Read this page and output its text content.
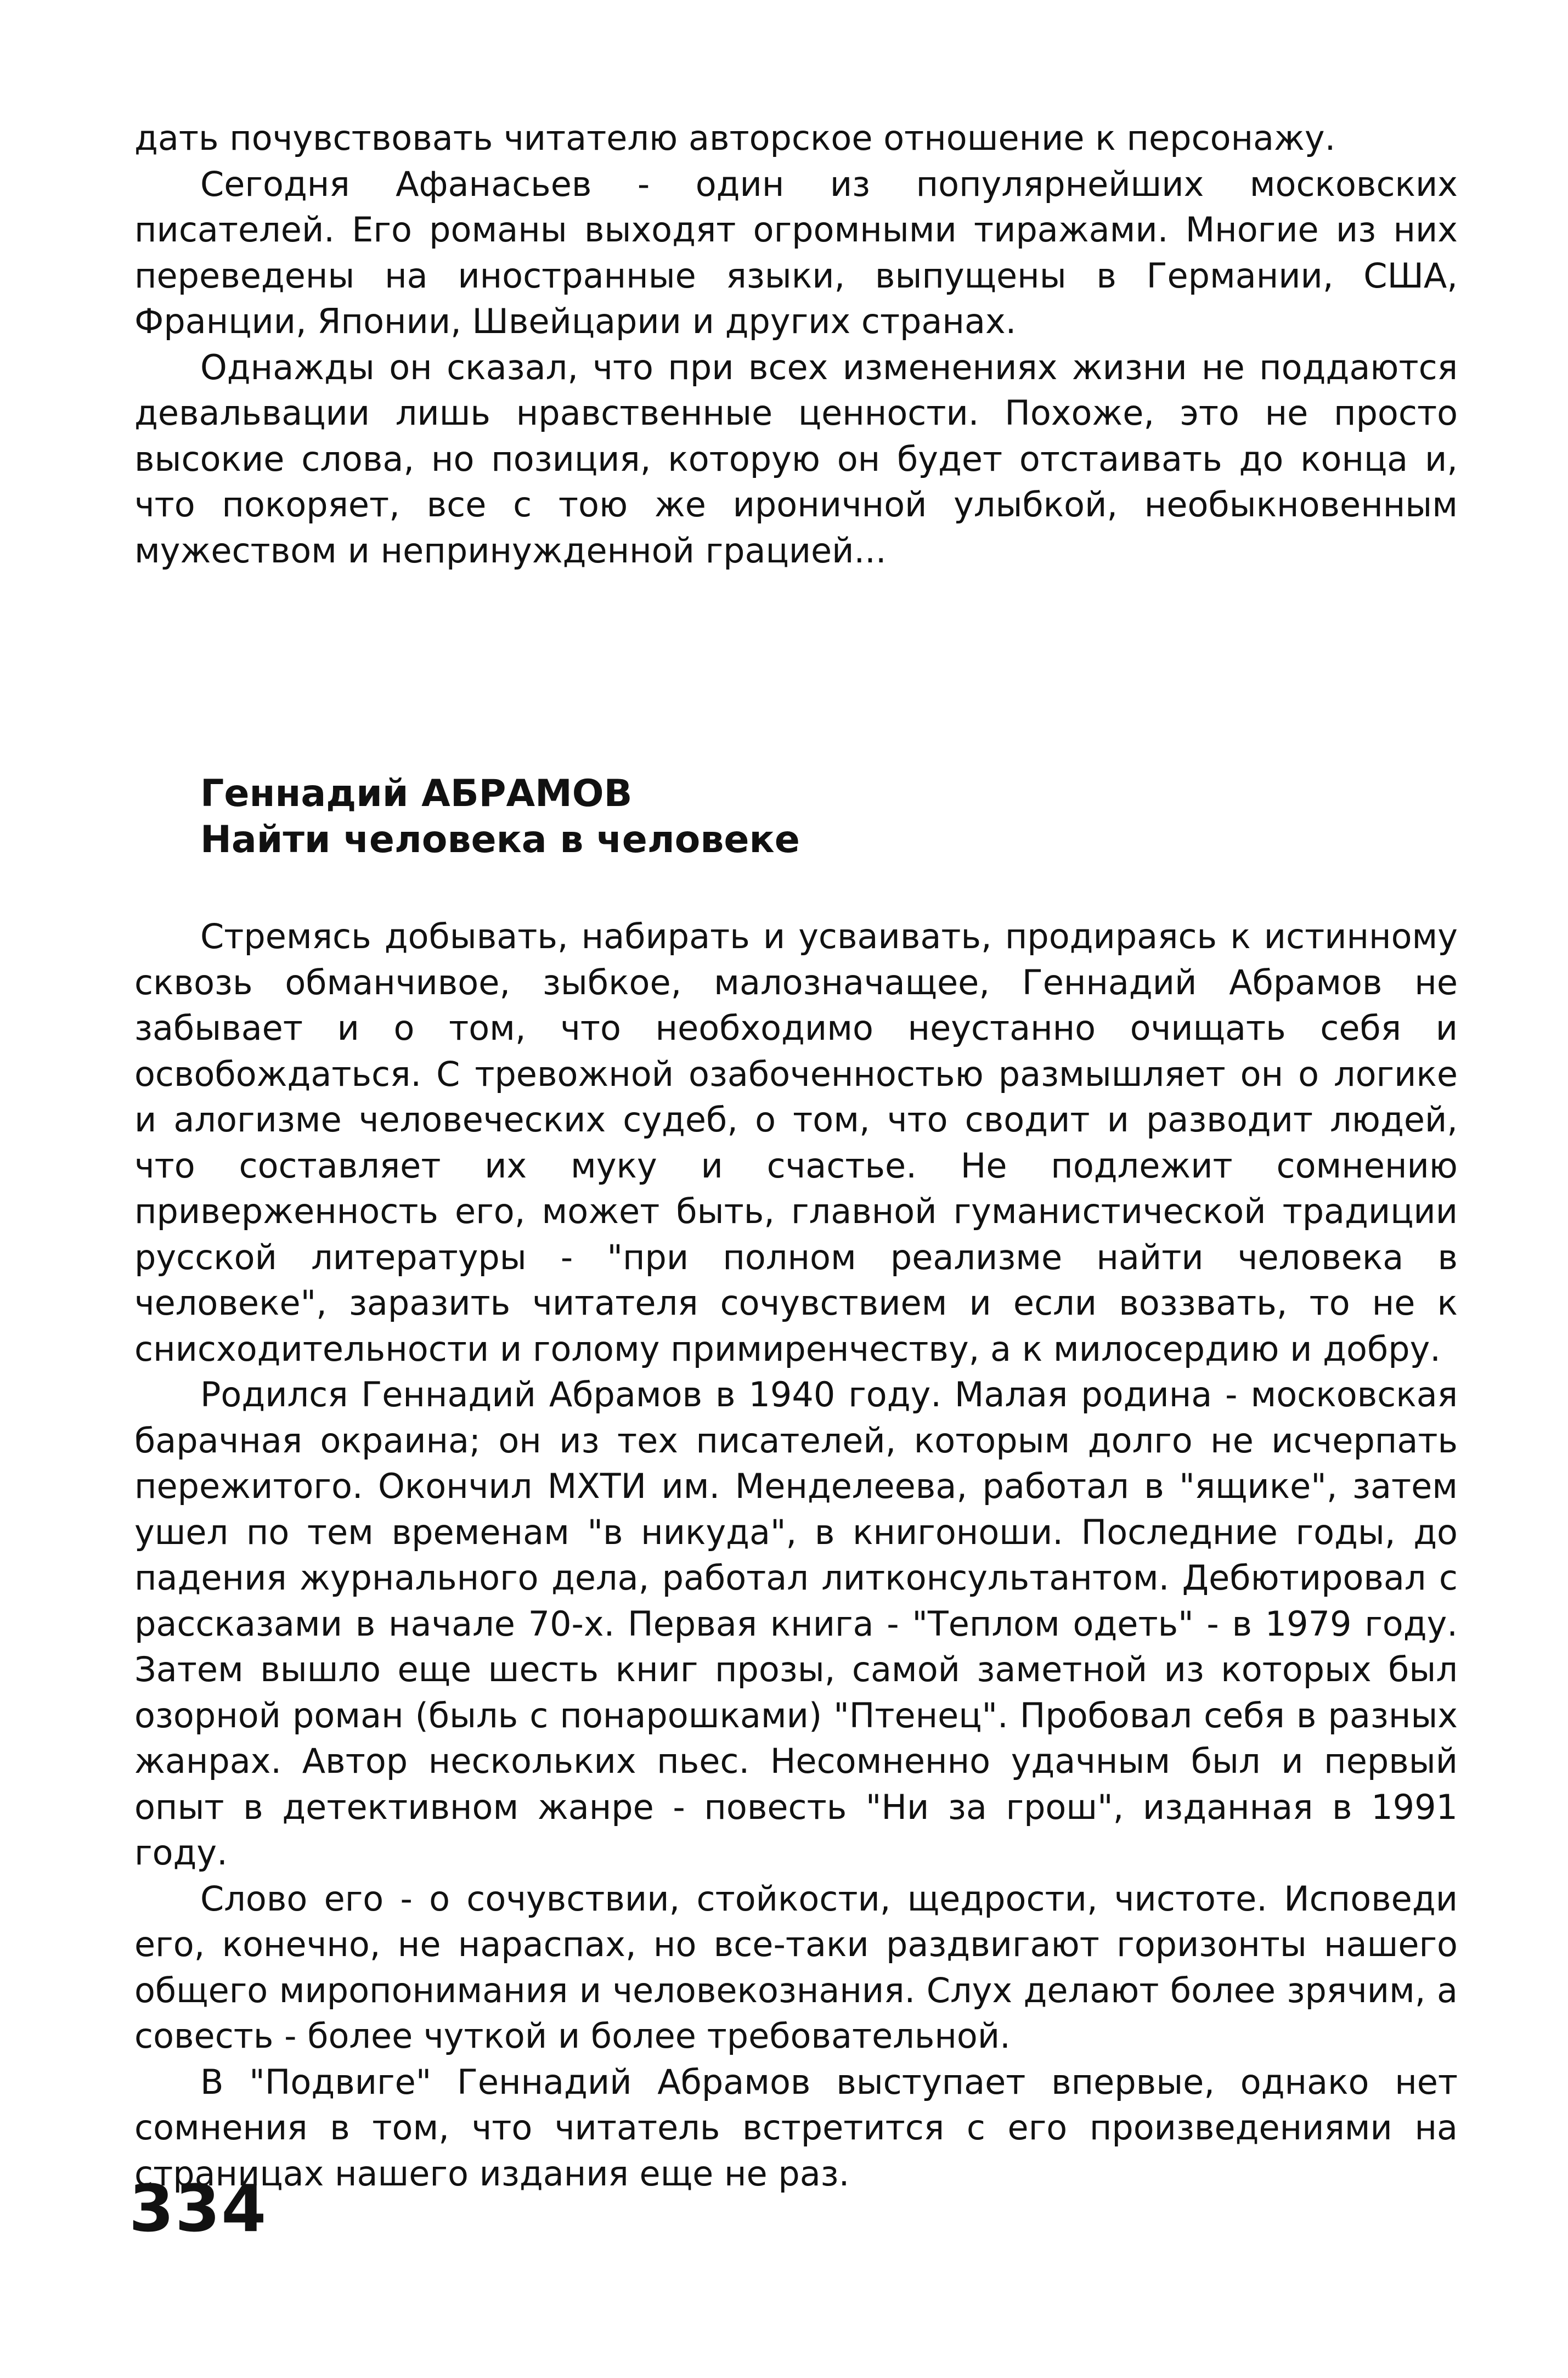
дать почувствовать читателю авторское отношение к персонажу.

Сегодня Афанасьев - один из популярнейших московских писателей. Его романы выходят огромными тиражами. Многие из них переведены на иностранные языки, выпущены в Германии, США, Франции, Японии, Швейцарии и других странах.

Однажды он сказал, что при всех изменениях жизни не поддаются девальвации лишь нравственные ценности. Похоже, это не просто высокие слова, но позиция, которую он будет отстаивать до конца и, что покоряет, все с тою же ироничной улыбкой, необыкновенным мужеством и непринужденной грацией...

Геннадий АБРАМОВ
Найти человека в человеке

Стремясь добывать, набирать и усваивать, продираясь к истинному сквозь обманчивое, зыбкое, малозначащее, Геннадий Абрамов не забывает и о том, что необходимо неустанно очищать себя и освобождаться. С тревожной озабоченностью размышляет он о логике и алогизме человеческих судеб, о том, что сводит и разводит людей, что составляет их муку и счастье. Не подлежит сомнению приверженность его, может быть, главной гуманистической традиции русской литературы - "при полном реализме найти человека в человеке", заразить читателя сочувствием и если воззвать, то не к снисходительности и голому примиренчеству, а к милосердию и добру.

Родился Геннадий Абрамов в 1940 году. Малая родина - московская барачная окраина; он из тех писателей, которым долго не исчерпать пережитого. Окончил МХТИ им. Менделеева, работал в "ящике", затем ушел по тем временам "в никуда", в книгоноши. Последние годы, до падения журнального дела, работал литконсультантом. Дебютировал с рассказами в начале 70-х. Первая книга - "Теплом одеть" - в 1979 году. Затем вышло еще шесть книг прозы, самой заметной из которых был озорной роман (быль с понарошками) "Птенец". Пробовал себя в разных жанрах. Автор нескольких пьес. Несомненно удачным был и первый опыт в детективном жанре - повесть "Ни за грош", изданная в 1991 году.

Слово его - о сочувствии, стойкости, щедрости, чистоте. Исповеди его, конечно, не нараспах, но все-таки раздвигают горизонты нашего общего миропонимания и человекознания. Слух делают более зрячим, а совесть - более чуткой и более требовательной.

В "Подвиге" Геннадий Абрамов выступает впервые, однако нет сомнения в том, что читатель встретится с его произведениями на страницах нашего издания еще не раз.

334
